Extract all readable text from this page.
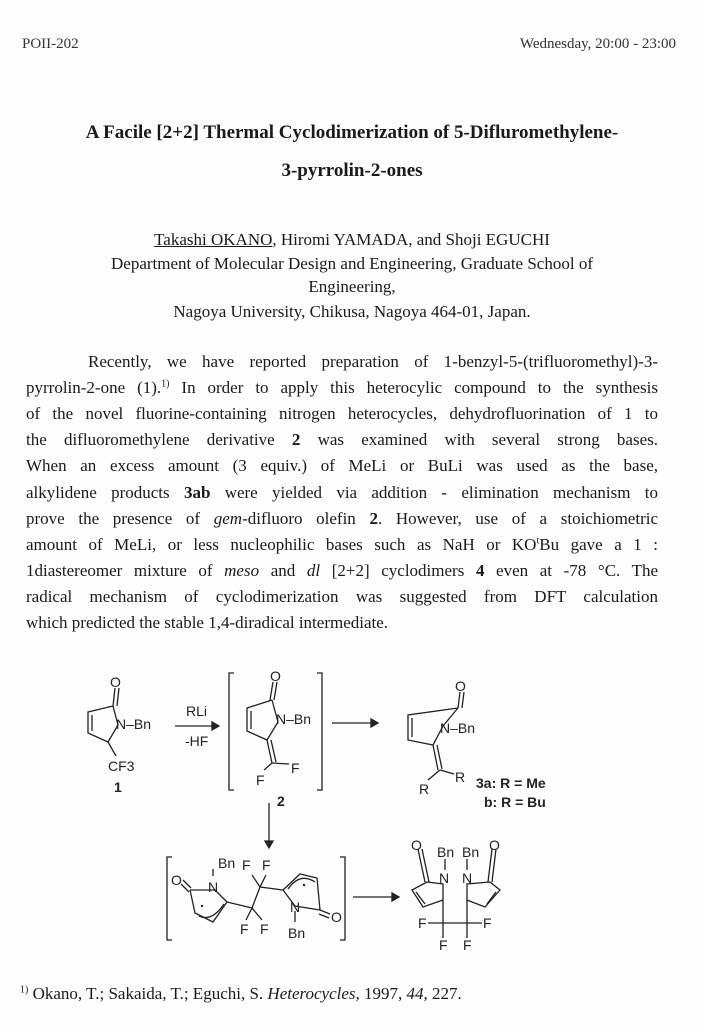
POII-202	Wednesday, 20:00 - 23:00
A Facile [2+2] Thermal Cyclodimerization of 5-Difluromethylene-
3-pyrrolin-2-ones
Takashi OKANO, Hiromi YAMADA, and Shoji EGUCHI
Department of Molecular Design and Engineering, Graduate School of
Engineering,
Nagoya University, Chikusa, Nagoya 464-01, Japan.
Recently, we have reported preparation of 1-benzyl-5-(trifluoromethyl)-3-
pyrrolin-2-one (1).$^{1)}$ In order to apply this heterocylic compound to the synthesis
of the novel fluorine-containing nitrogen heterocycles, dehydrofluorination of 1 to
the difluoromethylene derivative 2 was examined with several strong bases.
When an excess amount (3 equiv.) of MeLi or BuLi was used as the base,
alkylidene products 3ab were yielded via addition - elimination mechanism to
prove the presence of gem-difluoro olefin 2. However, use of a stoichiometric
amount of MeLi, or less nucleophilic bases such as NaH or $KO^tBu$ gave a 1 :
1diastereomer mixture of meso and dl [2+2] cyclodimers 4 even at -78 °C. The
radical mechanism of cyclodimerization was suggested from DFT calculation
which predicted the stable 1,4-diradical intermediate.
O
N–Bn
CF3
1
RLi
-HF
O
N–Bn
F
F
2
O
N–Bn
R
R	3a: R = Me
b: R = Bu
O N
Bn F F
F F
N
Bn
O
O Bn Bn O
N N
F	F
F F
$^{1)}$ Okano, T.; Sakaida, T.; Eguchi, S. Heterocycles, 1997, 44, 227.
